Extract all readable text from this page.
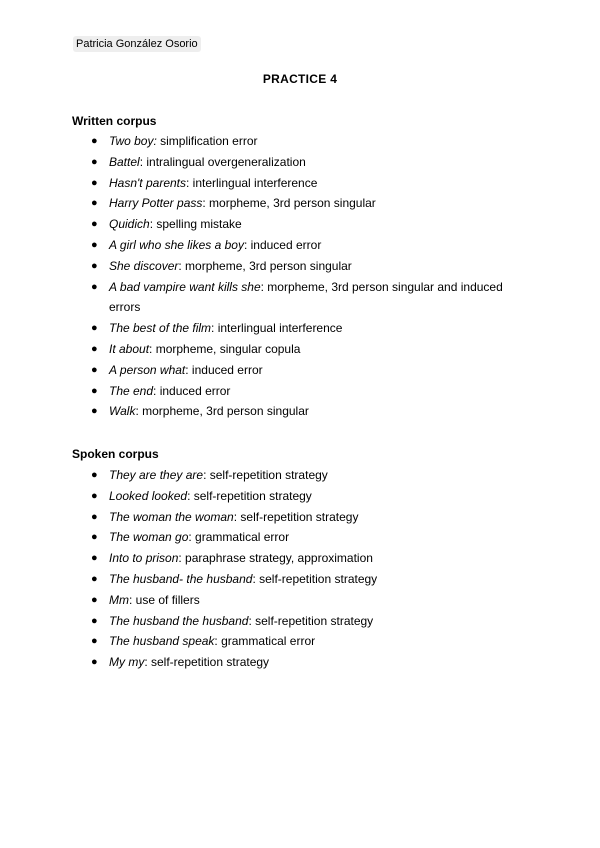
Patricia González Osorio
PRACTICE 4
Written corpus
● Two boy: simplification error
● Battel: intralingual overgeneralization
● Hasn't parents: interlingual interference
● Harry Potter pass: morpheme, 3rd person singular
● Quidich: spelling mistake
● A girl who she likes a boy: induced error
● She discover: morpheme, 3rd person singular
● A bad vampire want kills she: morpheme, 3rd person singular and induced errors
● The best of the film: interlingual interference
● It about: morpheme, singular copula
● A person what: induced error
● The end: induced error
● Walk: morpheme, 3rd person singular
Spoken corpus
● They are they are: self-repetition strategy
● Looked looked: self-repetition strategy
● The woman the woman: self-repetition strategy
● The woman go: grammatical error
● Into to prison: paraphrase strategy, approximation
● The husband- the husband: self-repetition strategy
● Mm: use of fillers
● The husband the husband: self-repetition strategy
● The husband speak: grammatical error
● My my: self-repetition strategy
